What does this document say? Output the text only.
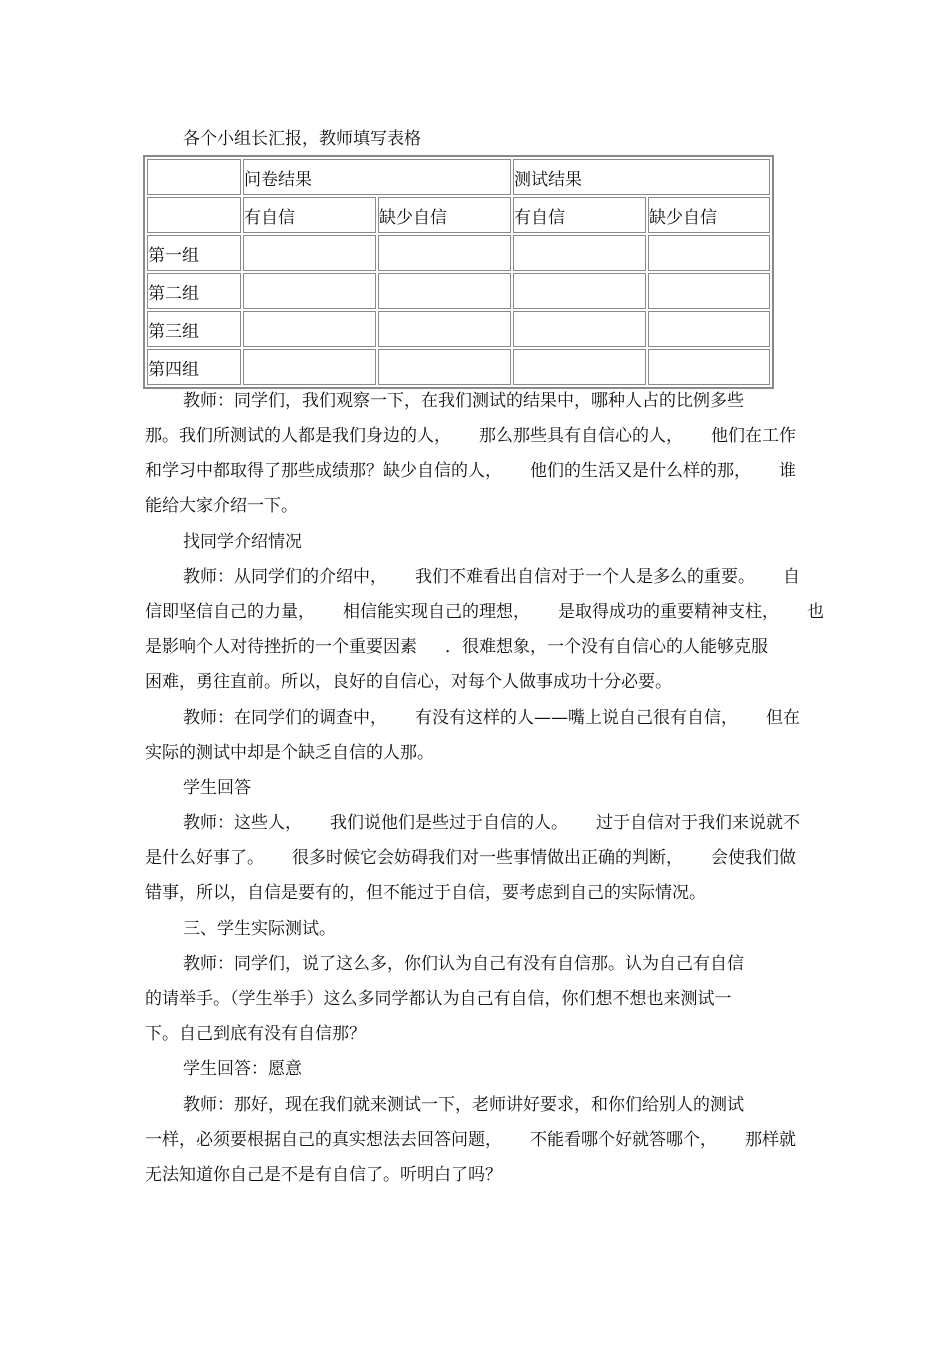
各个小组长汇报，教师填写表格
	问卷结果		测试结果	
	有自信	缺少自信	有自信	缺少自信
第一组				
第二组				
第三组				
第四组				
教师：同学们，我们观察一下，在我们测试的结果中，哪种人占的比例多些
那。我们所测试的人都是我们身边的人， 那么那些具有自信心的人， 他们在工作
和学习中都取得了那些成绩那？缺少自信的人， 他们的生活又是什么样的那， 谁
能给大家介绍一下。
找同学介绍情况
教师：从同学们的介绍中， 我们不难看出自信对于一个人是多么的重要。 自
信即坚信自己的力量， 相信能实现自己的理想， 是取得成功的重要精神支柱， 也
是影响个人对待挫折的一个重要因素 ．很难想象，一个没有自信心的人能够克服
困难，勇往直前。所以，良好的自信心，对每个人做事成功十分必要。
教师：在同学们的调查中， 有没有这样的人——嘴上说自己很有自信， 但在
实际的测试中却是个缺乏自信的人那。
学生回答
教师：这些人， 我们说他们是些过于自信的人。 过于自信对于我们来说就不
是什么好事了。 很多时候它会妨碍我们对一些事情做出正确的判断， 会使我们做
错事，所以，自信是要有的，但不能过于自信，要考虑到自己的实际情况。
三、学生实际测试。
教师：同学们，说了这么多，你们认为自己有没有自信那。认为自己有自信
的请举手。（学生举手）这么多同学都认为自己有自信，你们想不想也来测试一
下。自己到底有没有自信那？
学生回答：愿意
教师：那好，现在我们就来测试一下，老师讲好要求，和你们给别人的测试
一样，必须要根据自己的真实想法去回答问题， 不能看哪个好就答哪个， 那样就
无法知道你自己是不是有自信了。听明白了吗？
